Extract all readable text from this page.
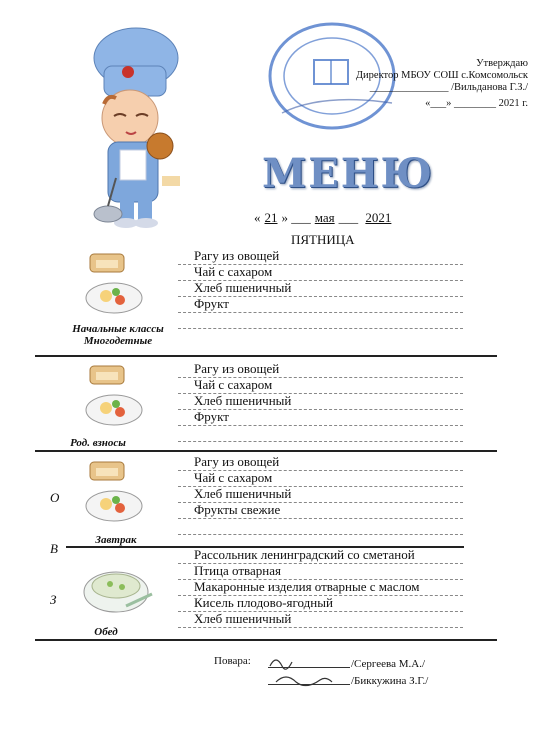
Утверждаю
Директор МБОУ СОШ с.Комсомольск
_______________ /Вильданова Г.З./
«___» ________ 2021 г.
МЕНЮ
« 21 » ___ мая ___ 2021
ПЯТНИЦА
Начальные классы
Многодетные
Род. взносы
Завтрак
Обед
О
В
З
Рагу из овощей
Чай с сахаром
Хлеб пшеничный
Фрукт
Рагу из овощей
Чай с сахаром
Хлеб пшеничный
Фрукт
Рагу из овощей
Чай с сахаром
Хлеб пшеничный
Фрукты свежие
Рассольник ленинградский со сметаной
Птица отварная
Макаронные изделия отварные с маслом
Кисель плодово-ягодный
Хлеб пшеничный
Повара:	/Сергеева М.А./
/Биккужина З.Г./
